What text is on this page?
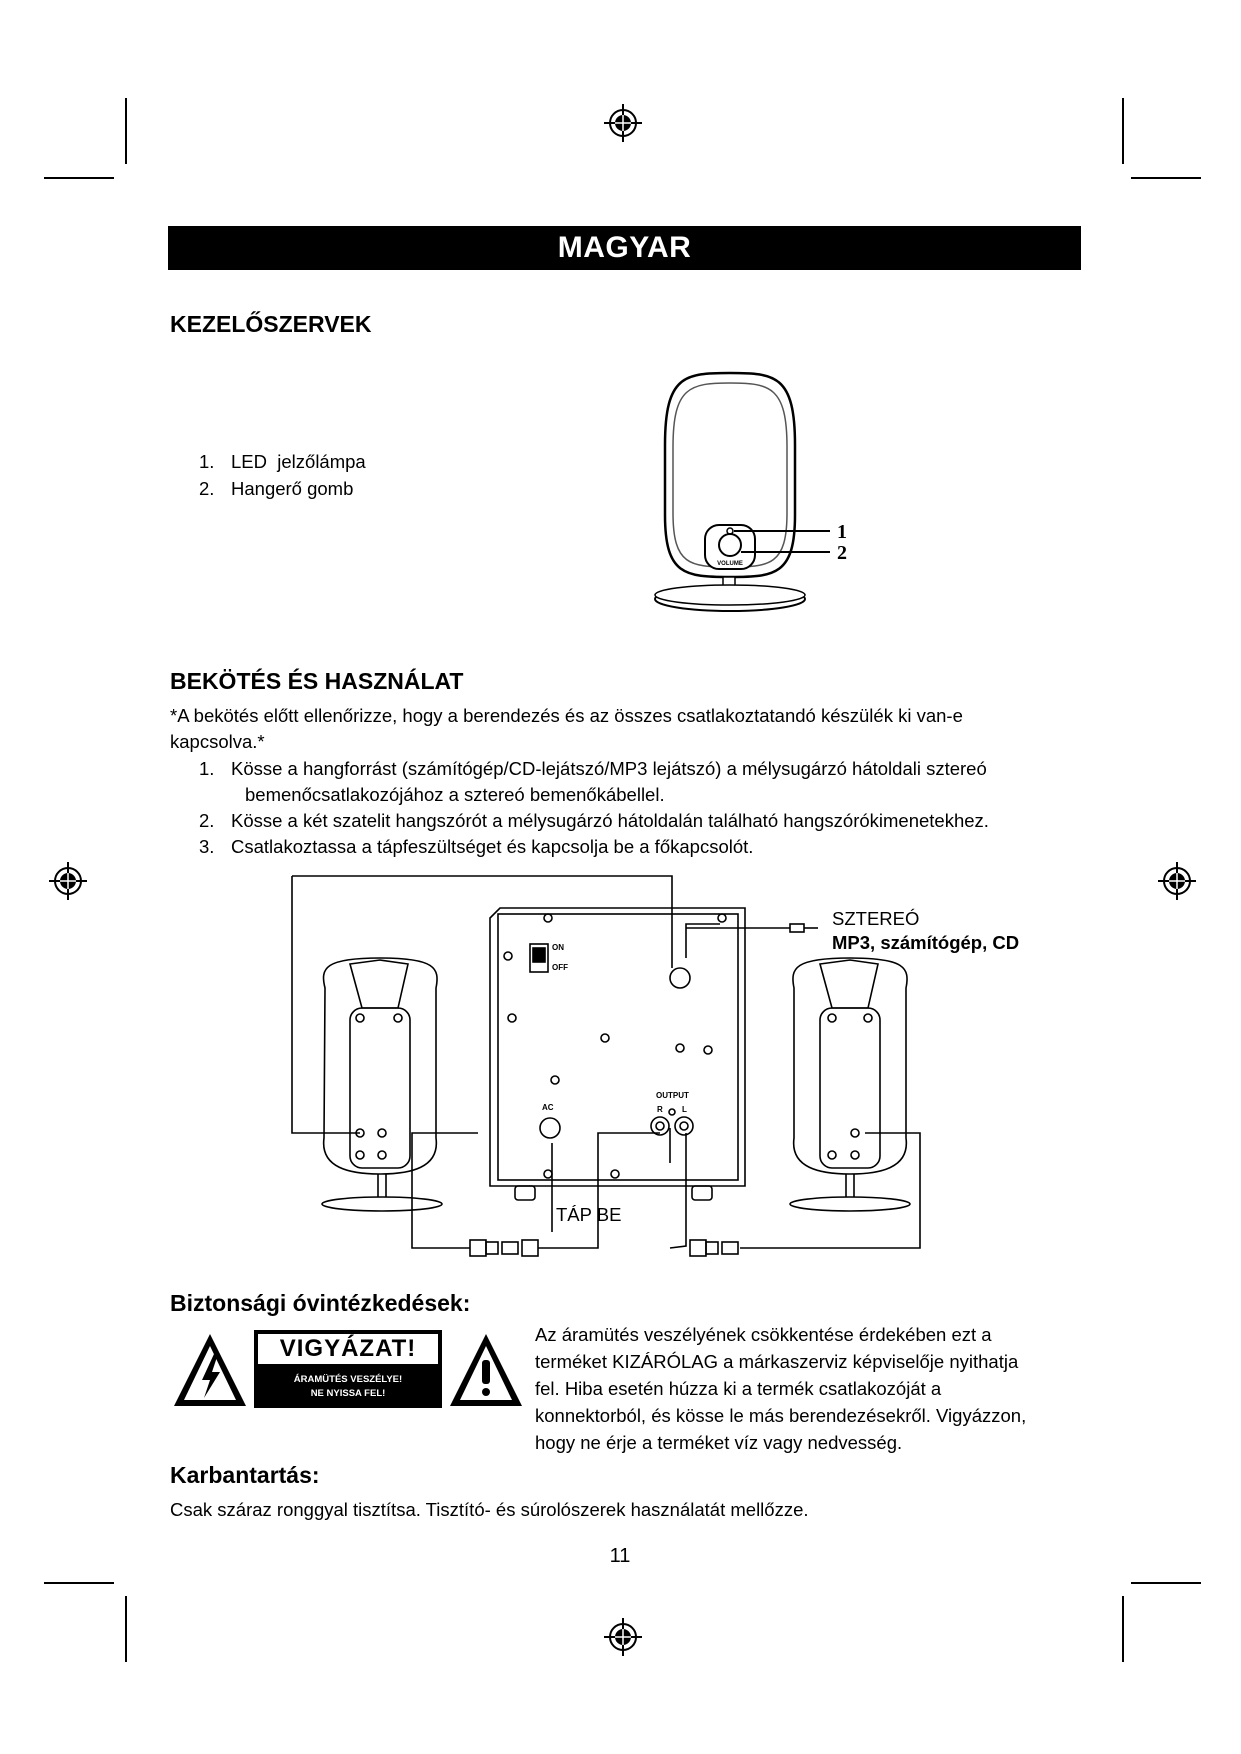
MAGYAR
KEZELŐSZERVEK
1. LED  jelzőlámpa
2. Hangerő gomb
VOLUME
1
2
BEKÖTÉS ÉS HASZNÁLAT
*A bekötés előtt ellenőrizze, hogy a berendezés és az összes csatlakoztatandó készülék ki van-e
kapcsolva.*
1. Kösse a hangforrást (számítógép/CD-lejátszó/MP3 lejátszó) a mélysugárzó hátoldali sztereó
bemenőcsatlakozójához a sztereó bemenőkábellel.
2. Kösse a két szatelit hangszórót a mélysugárzó hátoldalán található hangszórókimenetekhez.
3. Csatlakoztassa a tápfeszültséget és kapcsolja be a főkapcsolót.
ON
OFF
AC
OUTPUT
R L
SZTEREÓ
MP3, számítógép, CD
TÁP BE
Biztonsági óvintézkedések:
VIGYÁZAT!
ÁRAMÜTÉS VESZÉLYE!
NE NYISSA FEL!
Az áramütés veszélyének csökkentése érdekében ezt a
terméket KIZÁRÓLAG a márkaszerviz képviselője nyithatja
fel. Hiba esetén húzza ki a termék csatlakozóját a
konnektorból, és kösse le más berendezésekről. Vigyázzon,
hogy ne érje a terméket víz vagy nedvesség.
Karbantartás:
Csak száraz ronggyal tisztítsa. Tisztító- és súrolószerek használatát mellőzze.
11
